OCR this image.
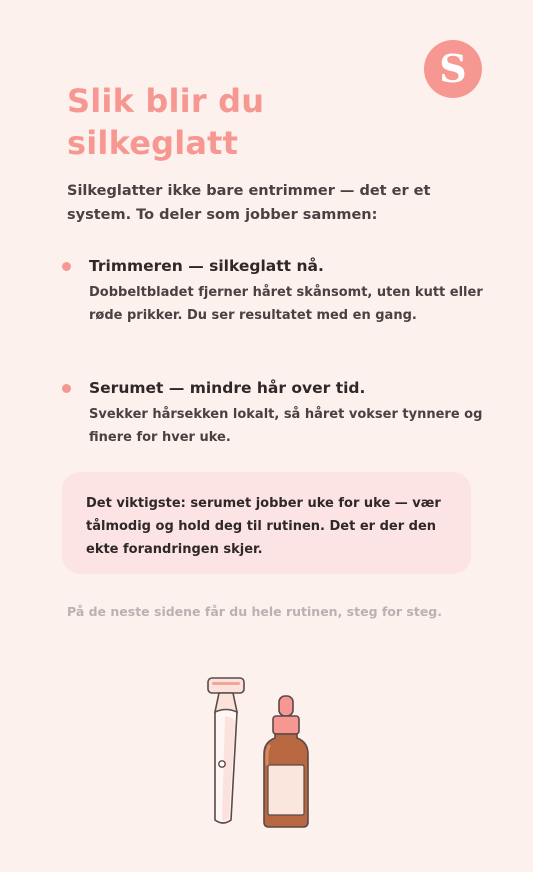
S
Slik blir du silkeglatt

Silkeglatter ikke bare entrimmer — det er et system. To deler som jobber sammen:

Trimmeren — silkeglatt nå.
Dobbeltbladet fjerner håret skånsomt, uten kutt eller røde prikker. Du ser resultatet med en gang.
Serumet — mindre hår over tid.
Svekker hårsekken lokalt, så håret vokser tynnere og finere for hver uke.

Det viktigste: serumet jobber uke for uke — vær tålmodig og hold deg til rutinen. Det er der den ekte forandringen skjer.

På de neste sidene får du hele rutinen, steg for steg.
